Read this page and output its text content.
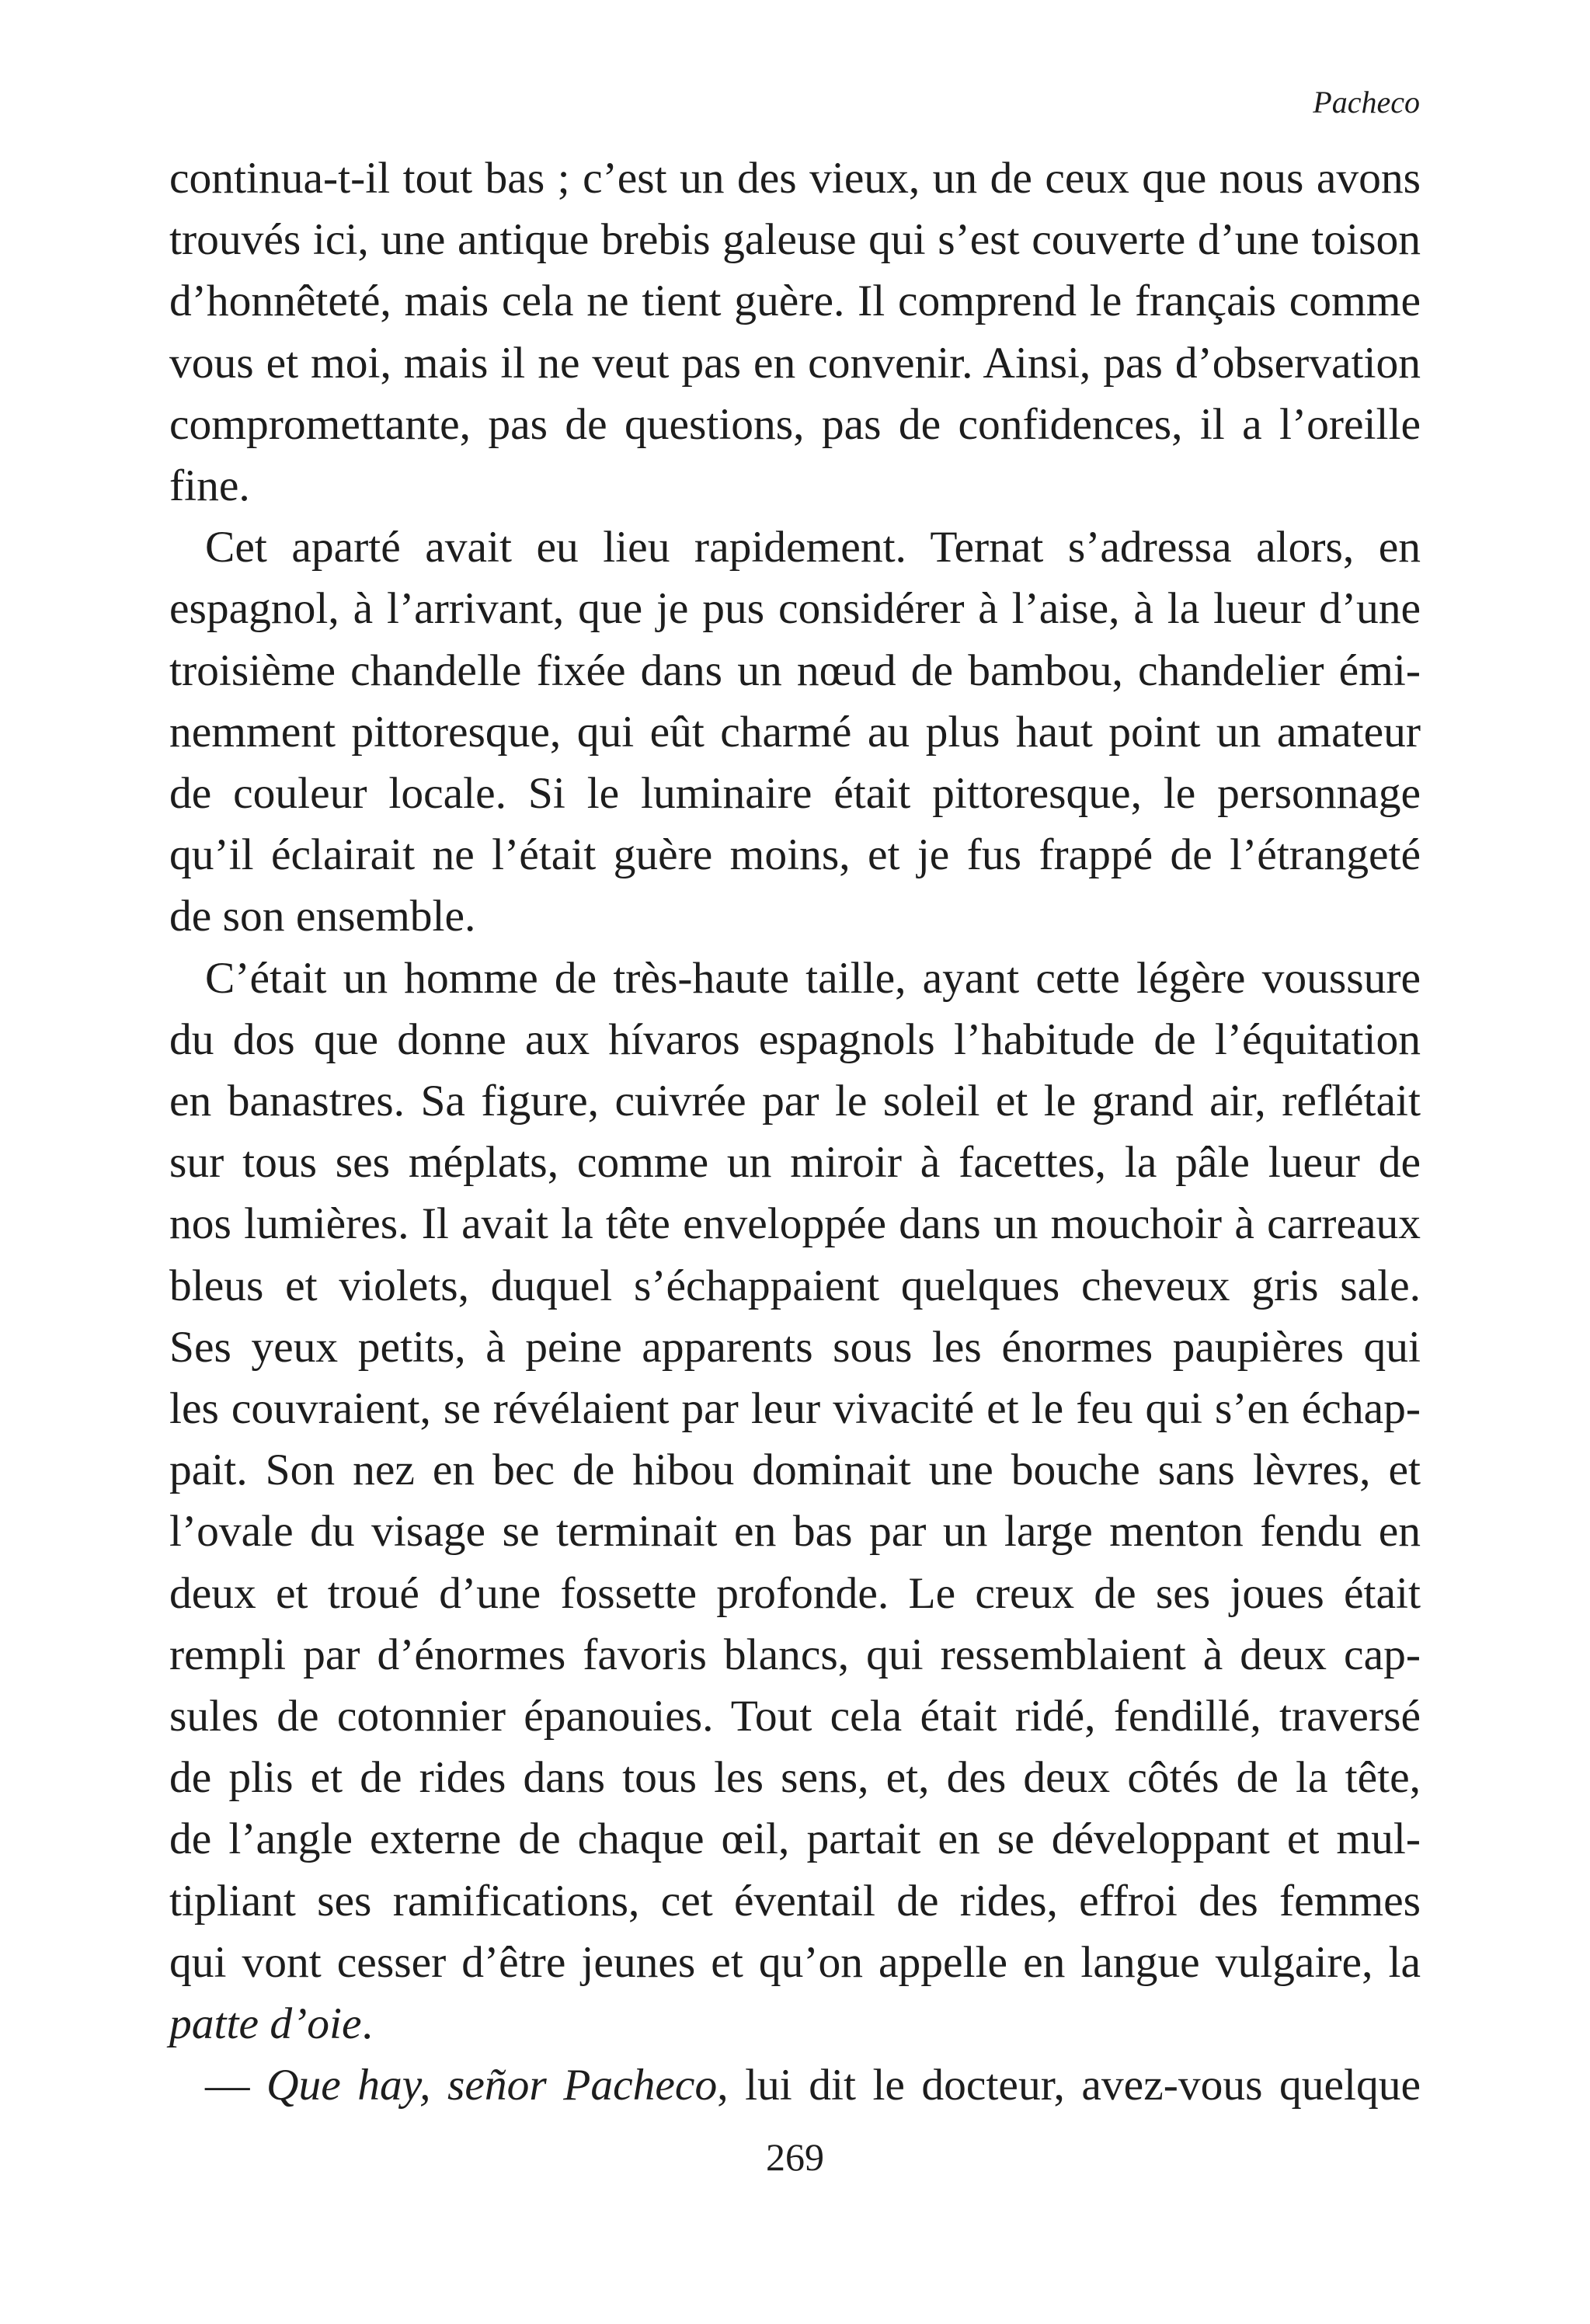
Pacheco

continua-t-il tout bas ; c’est un des vieux, un de ceux que nous avons
trouvés ici, une antique brebis galeuse qui s’est couverte d’une toison
d’honnêteté, mais cela ne tient guère. Il comprend le français comme
vous et moi, mais il ne veut pas en convenir. Ainsi, pas d’observation
compromettante, pas de questions, pas de confidences, il a l’oreille
fine.

Cet aparté avait eu lieu rapidement. Ternat s’adressa alors, en
espagnol, à l’arrivant, que je pus considérer à l’aise, à la lueur d’une
troisième chandelle fixée dans un nœud de bambou, chandelier émi-
nemment pittoresque, qui eût charmé au plus haut point un amateur
de couleur locale. Si le luminaire était pittoresque, le personnage
qu’il éclairait ne l’était guère moins, et je fus frappé de l’étrangeté
de son ensemble.

C’était un homme de très-haute taille, ayant cette légère voussure
du dos que donne aux hívaros espagnols l’habitude de l’équitation
en banastres. Sa figure, cuivrée par le soleil et le grand air, reflétait
sur tous ses méplats, comme un miroir à facettes, la pâle lueur de
nos lumières. Il avait la tête enveloppée dans un mouchoir à carreaux
bleus et violets, duquel s’échappaient quelques cheveux gris sale.
Ses yeux petits, à peine apparents sous les énormes paupières qui
les couvraient, se révélaient par leur vivacité et le feu qui s’en échap-
pait. Son nez en bec de hibou dominait une bouche sans lèvres, et
l’ovale du visage se terminait en bas par un large menton fendu en
deux et troué d’une fossette profonde. Le creux de ses joues était
rempli par d’énormes favoris blancs, qui ressemblaient à deux cap-
sules de cotonnier épanouies. Tout cela était ridé, fendillé, traversé
de plis et de rides dans tous les sens, et, des deux côtés de la tête,
de l’angle externe de chaque œil, partait en se développant et mul-
tipliant ses ramifications, cet éventail de rides, effroi des femmes
qui vont cesser d’être jeunes et qu’on appelle en langue vulgaire, la
patte d’oie.

— Que hay, señor Pacheco, lui dit le docteur, avez-vous quelque

269
